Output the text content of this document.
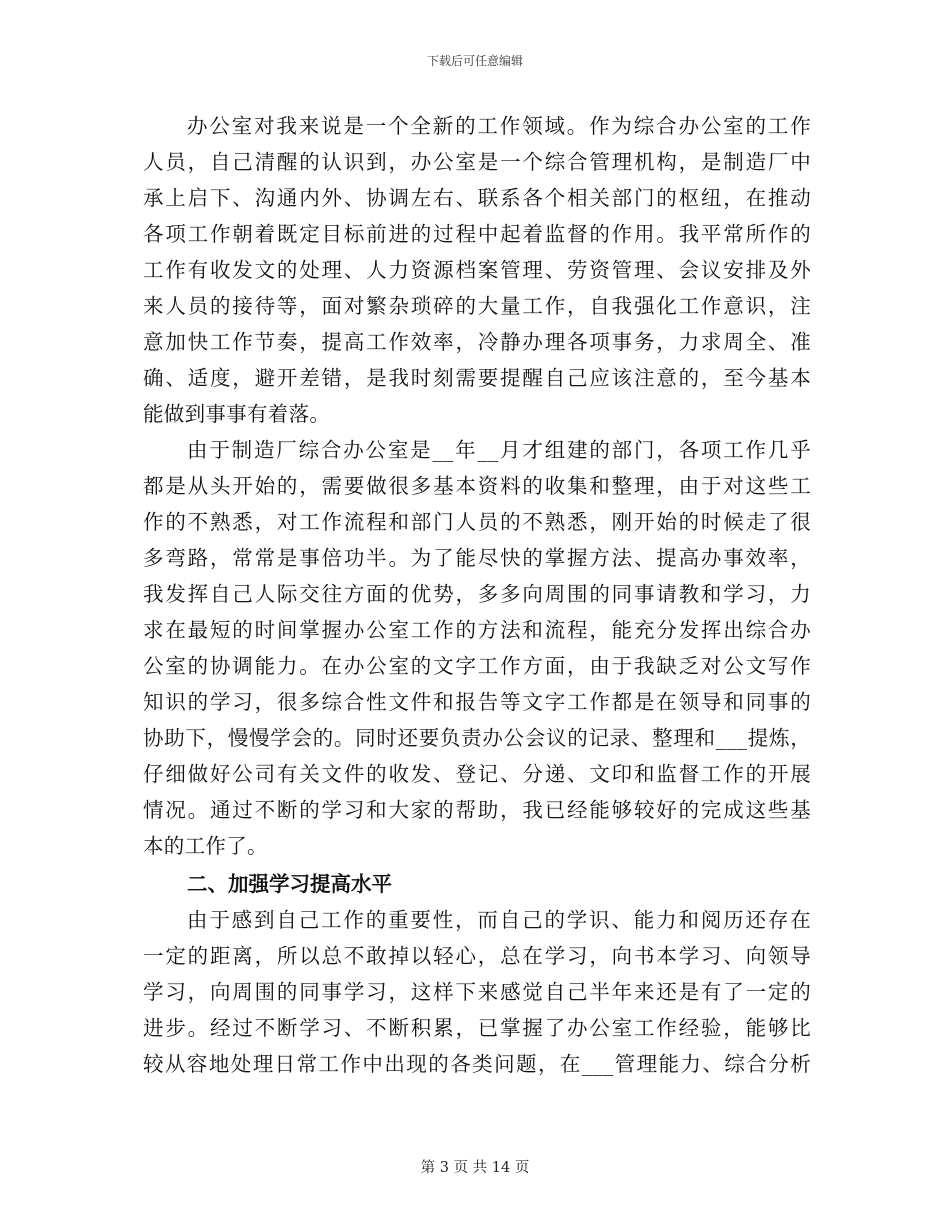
下载后可任意编辑
办公室对我来说是一个全新的工作领域。作为综合办公室的工作
人员，自己清醒的认识到，办公室是一个综合管理机构，是制造厂中
承上启下、沟通内外、协调左右、联系各个相关部门的枢纽，在推动
各项工作朝着既定目标前进的过程中起着监督的作用。我平常所作的
工作有收发文的处理、人力资源档案管理、劳资管理、会议安排及外
来人员的接待等，面对繁杂琐碎的大量工作，自我强化工作意识，注
意加快工作节奏，提高工作效率，冷静办理各项事务，力求周全、准
确、适度，避开差错，是我时刻需要提醒自己应该注意的，至今基本
能做到事事有着落。
由于制造厂综合办公室是__年__月才组建的部门，各项工作几乎
都是从头开始的，需要做很多基本资料的收集和整理，由于对这些工
作的不熟悉，对工作流程和部门人员的不熟悉，刚开始的时候走了很
多弯路，常常是事倍功半。为了能尽快的掌握方法、提高办事效率，
我发挥自己人际交往方面的优势，多多向周围的同事请教和学习，力
求在最短的时间掌握办公室工作的方法和流程，能充分发挥出综合办
公室的协调能力。在办公室的文字工作方面，由于我缺乏对公文写作
知识的学习，很多综合性文件和报告等文字工作都是在领导和同事的
协助下，慢慢学会的。同时还要负责办公会议的记录、整理和___提炼，
仔细做好公司有关文件的收发、登记、分递、文印和监督工作的开展
情况。通过不断的学习和大家的帮助，我已经能够较好的完成这些基
本的工作了。
二、加强学习提高水平
由于感到自己工作的重要性，而自己的学识、能力和阅历还存在
一定的距离，所以总不敢掉以轻心，总在学习，向书本学习、向领导
学习，向周围的同事学习，这样下来感觉自己半年来还是有了一定的
进步。经过不断学习、不断积累，已掌握了办公室工作经验，能够比
较从容地处理日常工作中出现的各类问题，在___管理能力、综合分析
第 3 页 共 14 页
